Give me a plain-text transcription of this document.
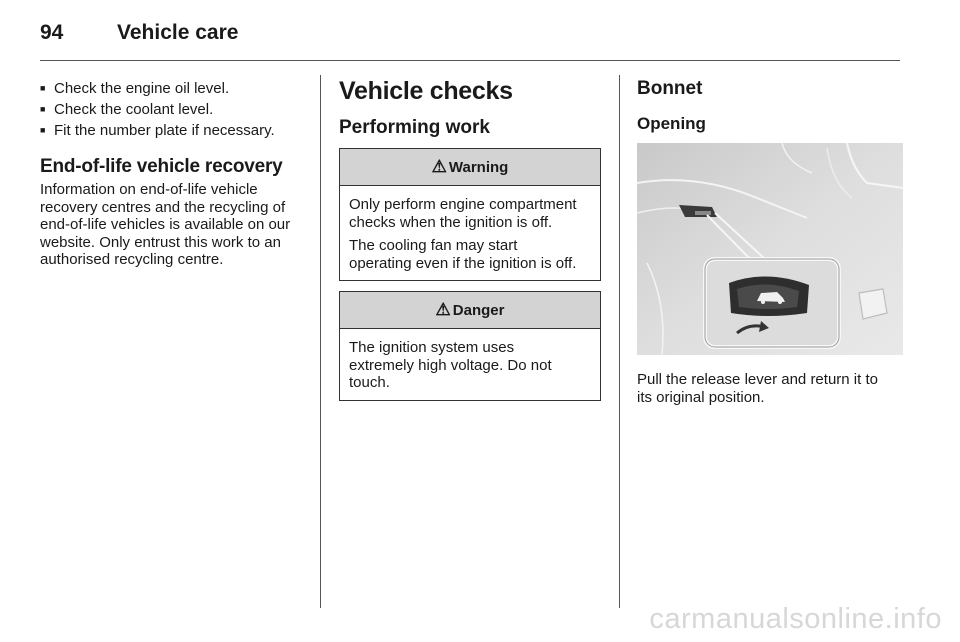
94	Vehicle care
■ Check the engine oil level.
■ Check the coolant level.
■ Fit the number plate if necessary.
End-of-life vehicle recovery

Information on end-of-life vehicle
recovery centres and the recycling of
end-of-life vehicles is available on our
website. Only entrust this work to an
authorised recycling centre.

Vehicle checks
Performing work
⚠ Warning

Only perform engine compartment
checks when the ignition is off.

The cooling fan may start
operating even if the ignition is off.

⚠ Danger

The ignition system uses
extremely high voltage. Do not
touch.

Bonnet
Opening

Pull the release lever and return it to
its original position.

carmanualsonline.info
